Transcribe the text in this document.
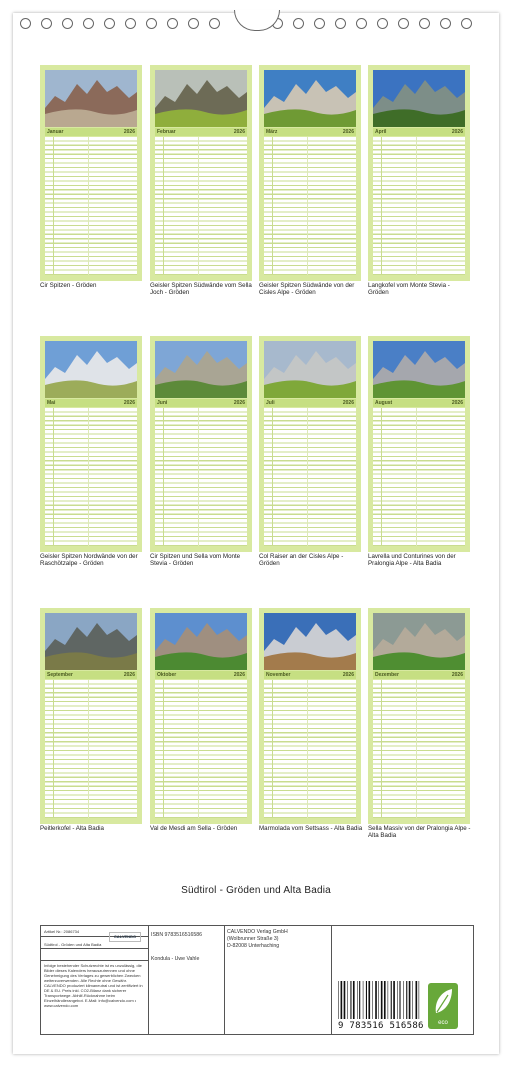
Januar	2026
Cir Spitzen - Gröden
Februar	2026
Geisler Spitzen Südwände vom Sella Joch - Gröden
März	2026
Geisler Spitzen Südwände von der Cisles Alpe - Gröden
April	2026
Langkofel vom Monte Stevia - Gröden
Mai	2026
Geisler Spitzen Nordwände von der Raschötzalpe - Gröden
Juni	2026
Cir Spitzen und Sella vom Monte Stevia - Gröden
Juli	2026
Col Raiser an der Cisles Alpe - Gröden
August	2026
Lavrella und Conturines von der Pralongia Alpe - Alta Badia
September	2026
Peitlerkofel - Alta Badia
Oktober	2026
Val de Mesdi am Sella - Gröden
November	2026
Marmolada vom Settsass - Alta Badia
Dezember	2026
Sella Massiv von der Pralongia Alpe - Alta Badia
Südtirol - Gröden und Alta Badia
Artikel Nr.: 2086734
CALVENDO
Südtirol - Gröden und Alta Badia
Infolge bestehender Schutzrechte ist es unzulässig, die Bilder dieses Kalenders herauszutrennen und ohne Genehmigung des Verlages zu gewerblichen Zwecken weiterzuverwenden. Alle Rechte ohne Gewähr. CALVENDO produziert klimaneutral und ist zertifiziert in DE & EU. Preis inkl. CO2-Bilanz dank sicherer Transportwege. Abhilf-Rücknahme beim Einzelhändlerangebot. E-Mail: info@calvendo.com • www.calvendo.com
ISBN 9783516516586
Kondula - Uwe Vahle
CALVENDO Verlag GmbH
(Wolbrunner Straße 3)
D-82008 Unterhaching
9 783516 516586	eco
